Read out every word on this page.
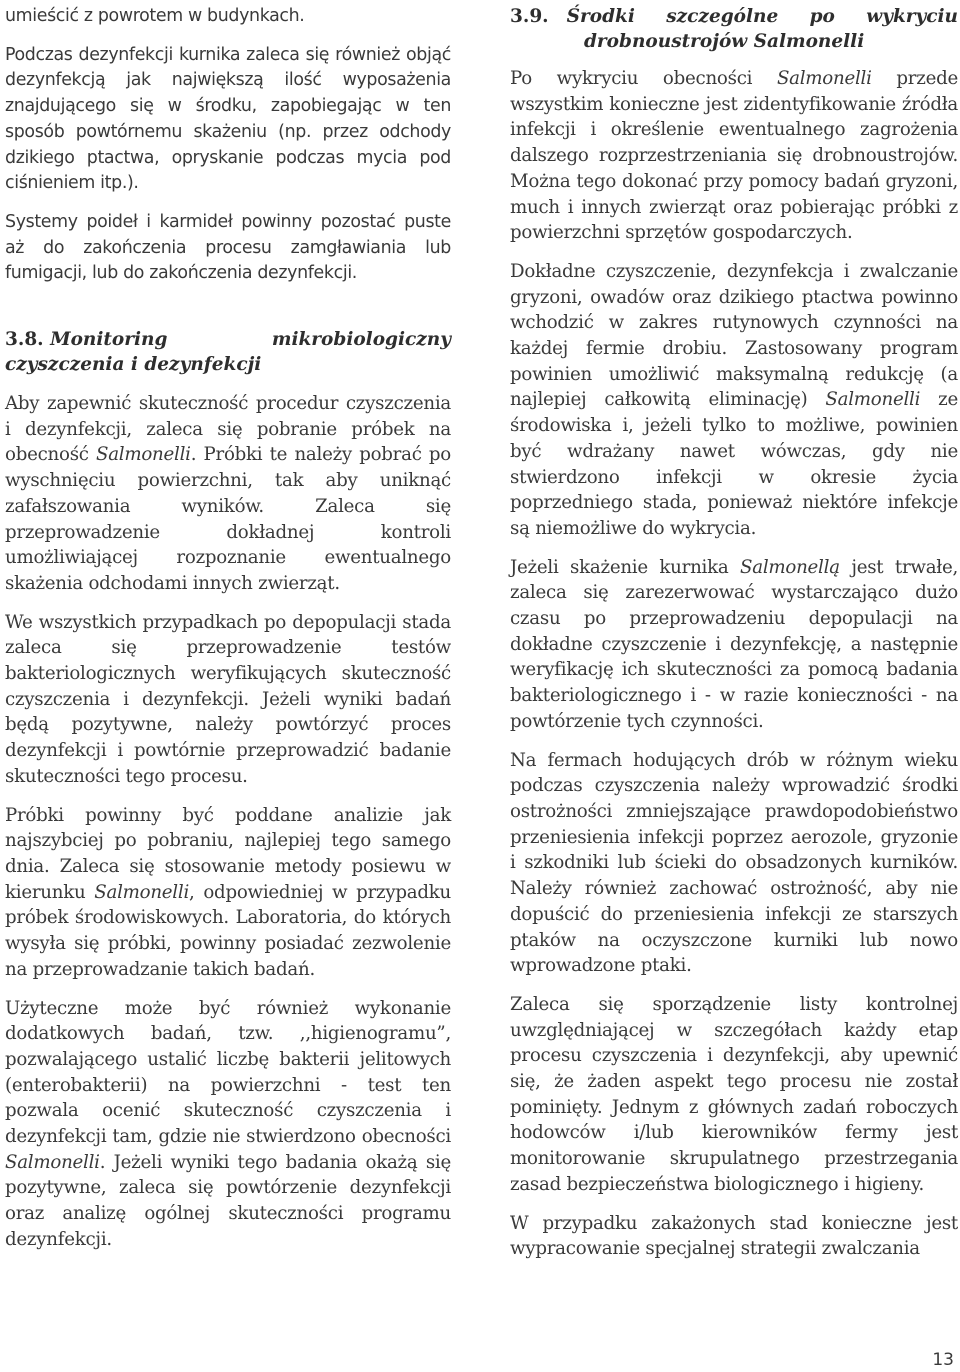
umieścić z powrotem w budynkach.

Podczas dezynfekcji kurnika zaleca się również objąć dezynfekcją jak największą ilość wyposażenia znajdującego się w środku, zapobiegając w ten sposób powtórnemu skażeniu (np. przez odchody dzikiego ptactwa, opryskanie podczas mycia pod ciśnieniem itp.).

Systemy poideł i karmideł powinny pozostać puste aż do zakończenia procesu zamgławiania lub fumigacji, lub do zakończenia dezynfekcji.

3.8. Monitoring	mikrobiologiczny
czyszczenia i dezynfekcji

Aby zapewnić skuteczność procedur czyszczenia i dezynfekcji, zaleca się pobranie próbek na obecność Salmonelli. Próbki te należy pobrać po wyschnięciu powierzchni, tak aby uniknąć zafałszowania wyników. Zaleca się przeprowadzenie dokładnej kontroli umożliwiającej rozpoznanie ewentualnego skażenia odchodami innych zwierząt.

We wszystkich przypadkach po depopulacji stada zaleca się przeprowadzenie testów bakteriologicznych weryfikujących skuteczność czyszczenia i dezynfekcji. Jeżeli wyniki badań będą pozytywne, należy powtórzyć proces dezynfekcji i powtórnie przeprowadzić badanie skuteczności tego procesu.

Próbki powinny być poddane analizie jak najszybciej po pobraniu, najlepiej tego samego dnia. Zaleca się stosowanie metody posiewu w kierunku Salmonelli, odpowiedniej w przypadku próbek środowiskowych. Laboratoria, do których wysyła się próbki, powinny posiadać zezwolenie na przeprowadzanie takich badań.

Użyteczne może być również wykonanie dodatkowych badań, tzw. ,,higienogramu”, pozwalającego ustalić liczbę bakterii jelitowych (enterobakterii) na powierzchni - test ten pozwala ocenić skuteczność czyszczenia i dezynfekcji tam, gdzie nie stwierdzono obecności Salmonelli. Jeżeli wyniki tego badania okażą się pozytywne, zaleca się powtórzenie dezynfekcji oraz analizę ogólnej skuteczności programu dezynfekcji.

3.9. Środki szczególne po wykryciu
drobnoustrojów Salmonelli

Po wykryciu obecności Salmonelli przede wszystkim konieczne jest zidentyfikowanie źródła infekcji i określenie ewentualnego zagrożenia dalszego rozprzestrzeniania się drobnoustrojów. Można tego dokonać przy pomocy badań gryzoni, much i innych zwierząt oraz pobierając próbki z powierzchni sprzętów gospodarczych.

Dokładne czyszczenie, dezynfekcja i zwalczanie gryzoni, owadów oraz dzikiego ptactwa powinno wchodzić w zakres rutynowych czynności na każdej fermie drobiu. Zastosowany program powinien umożliwić maksymalną redukcję (a najlepiej całkowitą eliminację) Salmonelli ze środowiska i, jeżeli tylko to możliwe, powinien być wdrażany nawet wówczas, gdy nie stwierdzono infekcji w okresie życia poprzedniego stada, ponieważ niektóre infekcje są niemożliwe do wykrycia.

Jeżeli skażenie kurnika Salmonellą jest trwałe, zaleca się zarezerwować wystarczająco dużo czasu po przeprowadzeniu depopulacji na dokładne czyszczenie i dezynfekcję, a następnie weryfikację ich skuteczności za pomocą badania bakteriologicznego i - w razie konieczności - na powtórzenie tych czynności.

Na fermach hodujących drób w różnym wieku podczas czyszczenia należy wprowadzić środki ostrożności zmniejszające prawdopodobieństwo przeniesienia infekcji poprzez aerozole, gryzonie i szkodniki lub ścieki do obsadzonych kurników. Należy również zachować ostrożność, aby nie dopuścić do przeniesienia infekcji ze starszych ptaków na oczyszczone kurniki lub nowo wprowadzone ptaki.

Zaleca się sporządzenie listy kontrolnej uwzględniającej w szczegółach każdy etap procesu czyszczenia i dezynfekcji, aby upewnić się, że żaden aspekt tego procesu nie został pominięty. Jednym z głównych zadań roboczych hodowców i/lub kierowników fermy jest monitorowanie skrupulatnego przestrzegania zasad bezpieczeństwa biologicznego i higieny.

W przypadku zakażonych stad konieczne jest wypracowanie specjalnej strategii zwalczania

13
